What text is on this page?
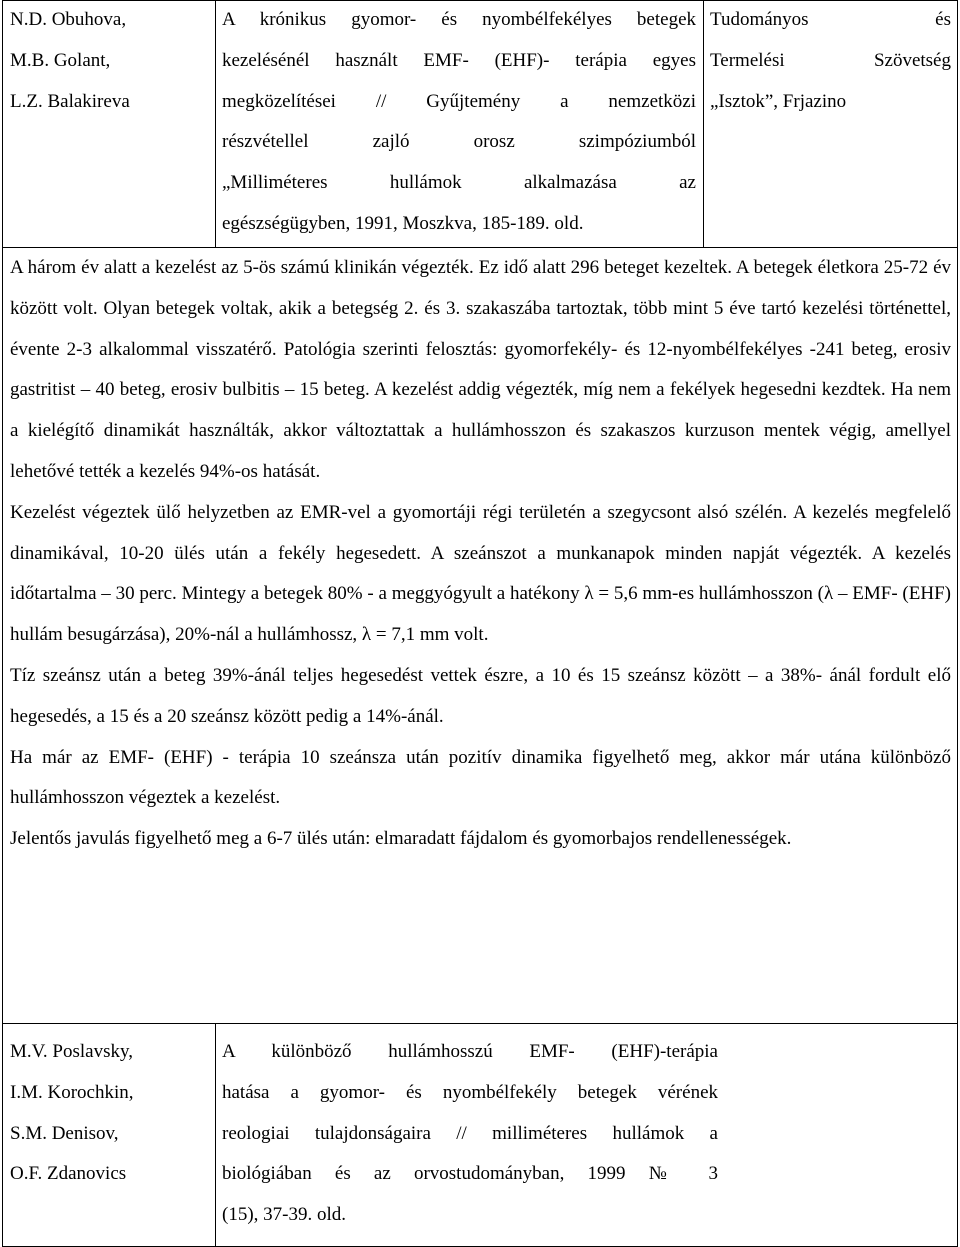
N.D. Obuhova,
M.B. Golant,
L.Z. Balakireva
A krónikus gyomor- és nyombélfekélyes betegek
kezelésénél használt EMF- (EHF)- terápia egyes
megközelítései // Gyűjtemény a nemzetközi
részvétellel zajló orosz szimpóziumból
„Milliméteres hullámok alkalmazása az
egészségügyben, 1991, Moszkva, 185-189. old.
Tudományos és
Termelési Szövetség
„Isztok”, Frjazino
A három év alatt a kezelést az 5-ös számú klinikán végezték. Ez idő alatt 296 beteget kezeltek. A betegek életkora 25-72 év között volt. Olyan betegek voltak, akik a betegség 2. és 3. szakaszába tartoztak, több mint 5 éve tartó kezelési történettel, évente 2-3 alkalommal visszatérő. Patológia szerinti felosztás: gyomorfekély- és 12-nyombélfekélyes -241 beteg, erosiv gastritist – 40 beteg, erosiv bulbitis – 15 beteg. A kezelést addig végezték, míg nem a fekélyek hegesedni kezdtek. Ha nem a kielégítő dinamikát használták, akkor változtattak a hullámhosszon és szakaszos kurzuson mentek végig, amellyel lehetővé tették a kezelés 94%-os hatását.
Kezelést végeztek ülő helyzetben az EMR-vel a gyomortáji régi területén a szegycsont alsó szélén. A kezelés megfelelő dinamikával, 10-20 ülés után a fekély hegesedett. A szeánszot a munkanapok minden napját végezték. A kezelés időtartalma – 30 perc. Mintegy a betegek 80% - a meggyógyult a hatékony λ = 5,6 mm-es hullámhosszon (λ – EMF- (EHF) hullám besugárzása), 20%-nál a hullámhossz, λ = 7,1 mm volt.
Tíz szeánsz után a beteg 39%-ánál teljes hegesedést vettek észre, a 10 és 15 szeánsz között – a 38%- ánál fordult elő hegesedés, a 15 és a 20 szeánsz között pedig a 14%-ánál.
Ha már az EMF- (EHF) - terápia 10 szeánsza után pozitív dinamika figyelhető meg, akkor már utána különböző hullámhosszon végeztek a kezelést.
Jelentős javulás figyelhető meg a 6-7 ülés után: elmaradatt fájdalom és gyomorbajos rendellenességek.
M.V. Poslavsky,
I.M. Korochkin,
S.M. Denisov,
O.F. Zdanovics
A különböző hullámhosszú EMF- (EHF)-terápia
hatása a gyomor- és nyombélfekély betegek vérének
reologiai tulajdonságaira // milliméteres hullámok a
biológiában és az orvostudományban, 1999 № 3
(15), 37-39. old.
